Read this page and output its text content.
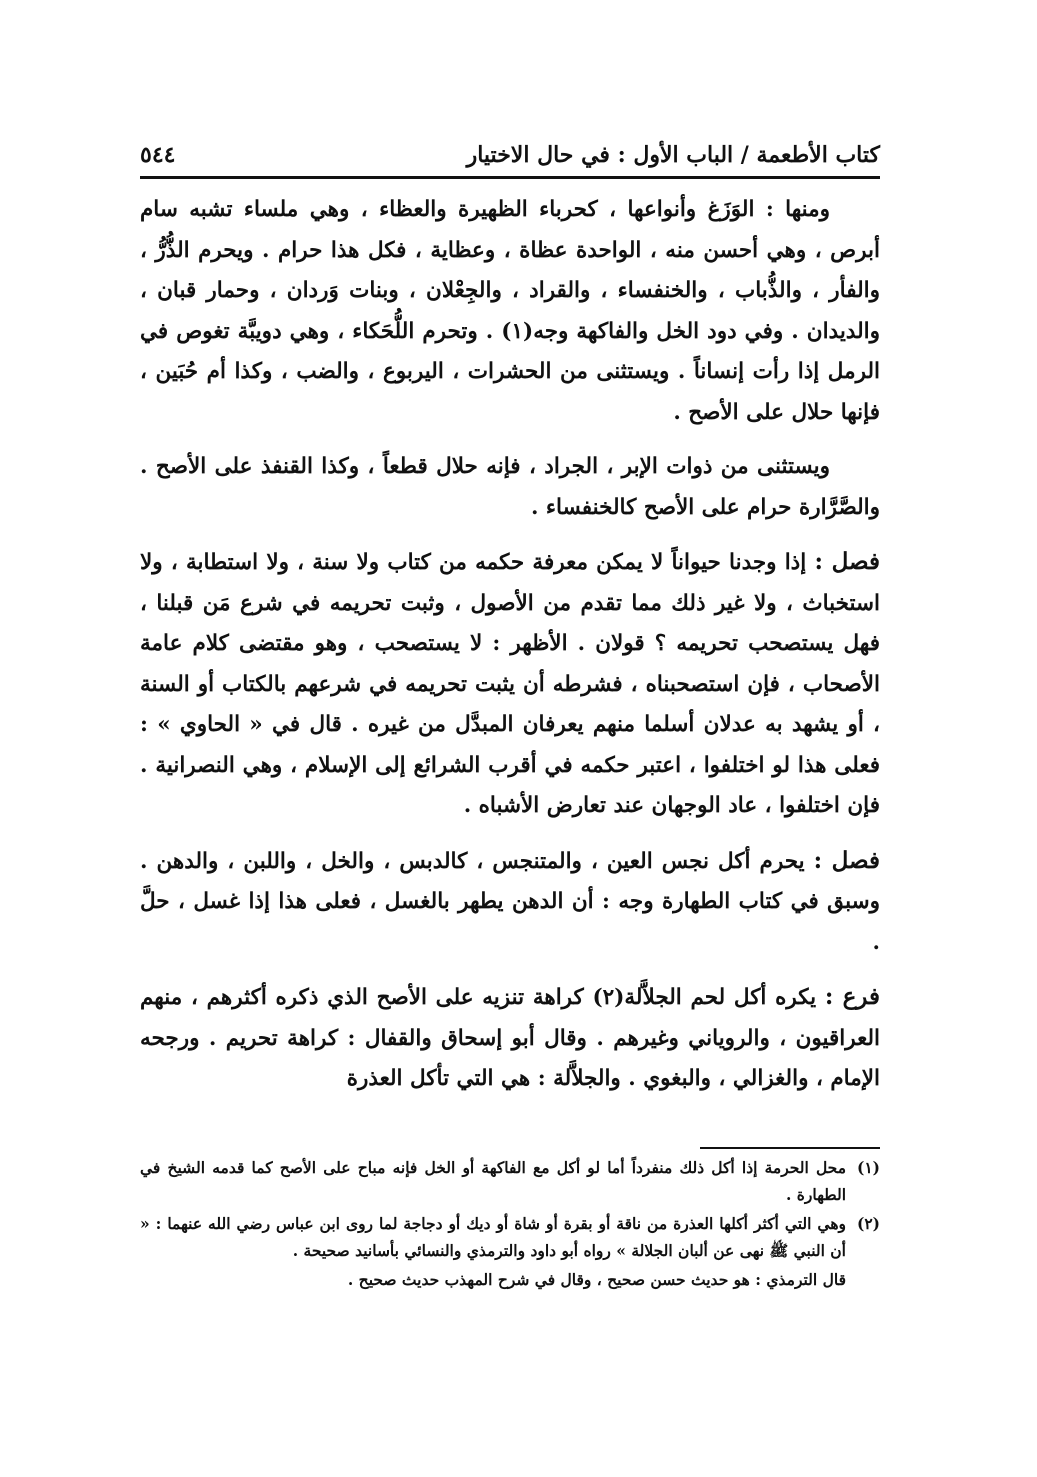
كتاب الأطعمة / الباب الأول : في حال الاختيار
٥٤٤

ومنها : الوَزَغ وأنواعها ، كحرباء الظهيرة والعظاء ، وهي ملساء تشبه سام أبرص ، وهي أحسن منه ، الواحدة عظاة ، وعظاية ، فكل هذا حرام . ويحرم الذُّرُّ ، والفأر ، والذُّباب ، والخنفساء ، والقراد ، والجِعْلان ، وبنات وَردان ، وحمار قبان ، والديدان . وفي دود الخل والفاكهة وجه(١) . وتحرم اللُّحَكاء ، وهي دويبَّة تغوص في الرمل إذا رأت إنساناً . ويستثنى من الحشرات ، اليربوع ، والضب ، وكذا أم حُبَين ، فإنها حلال على الأصح .

ويستثنى من ذوات الإبر ، الجراد ، فإنه حلال قطعاً ، وكذا القنفذ على الأصح . والصَّرَّارة حرام على الأصح كالخنفساء .

فصل : إذا وجدنا حيواناً لا يمكن معرفة حكمه من كتاب ولا سنة ، ولا استطابة ، ولا استخباث ، ولا غير ذلك مما تقدم من الأصول ، وثبت تحريمه في شرع مَن قبلنا ، فهل يستصحب تحريمه ؟ قولان . الأظهر : لا يستصحب ، وهو مقتضى كلام عامة الأصحاب ، فإن استصحبناه ، فشرطه أن يثبت تحريمه في شرعهم بالكتاب أو السنة ، أو يشهد به عدلان أسلما منهم يعرفان المبدَّل من غيره . قال في « الحاوي » : فعلى هذا لو اختلفوا ، اعتبر حكمه في أقرب الشرائع إلى الإسلام ، وهي النصرانية . فإن اختلفوا ، عاد الوجهان عند تعارض الأشباه .

فصل : يحرم أكل نجس العين ، والمتنجس ، كالدبس ، والخل ، واللبن ، والدهن . وسبق في كتاب الطهارة وجه : أن الدهن يطهر بالغسل ، فعلى هذا إذا غسل ، حلَّ .

فرع : يكره أكل لحم الجلاَّلة(٢) كراهة تنزيه على الأصح الذي ذكره أكثرهم ، منهم العراقيون ، والروياني وغيرهم . وقال أبو إسحاق والقفال : كراهة تحريم . ورجحه الإمام ، والغزالي ، والبغوي . والجلاَّلة : هي التي تأكل العذرة

(١)
محل الحرمة إذا أكل ذلك منفرداً أما لو أكل مع الفاكهة أو الخل فإنه مباح على الأصح كما قدمه الشيخ في الطهارة .

(٢)
وهي التي أكثر أكلها العذرة من ناقة أو بقرة أو شاة أو ديك أو دجاجة لما روى ابن عباس رضي الله عنهما : « أن النبي ﷺ نهى عن ألبان الجلالة » رواه أبو داود والترمذي والنسائي بأسانيد صحيحة .

قال الترمذي : هو حديث حسن صحيح ، وقال في شرح المهذب حديث صحيح .
